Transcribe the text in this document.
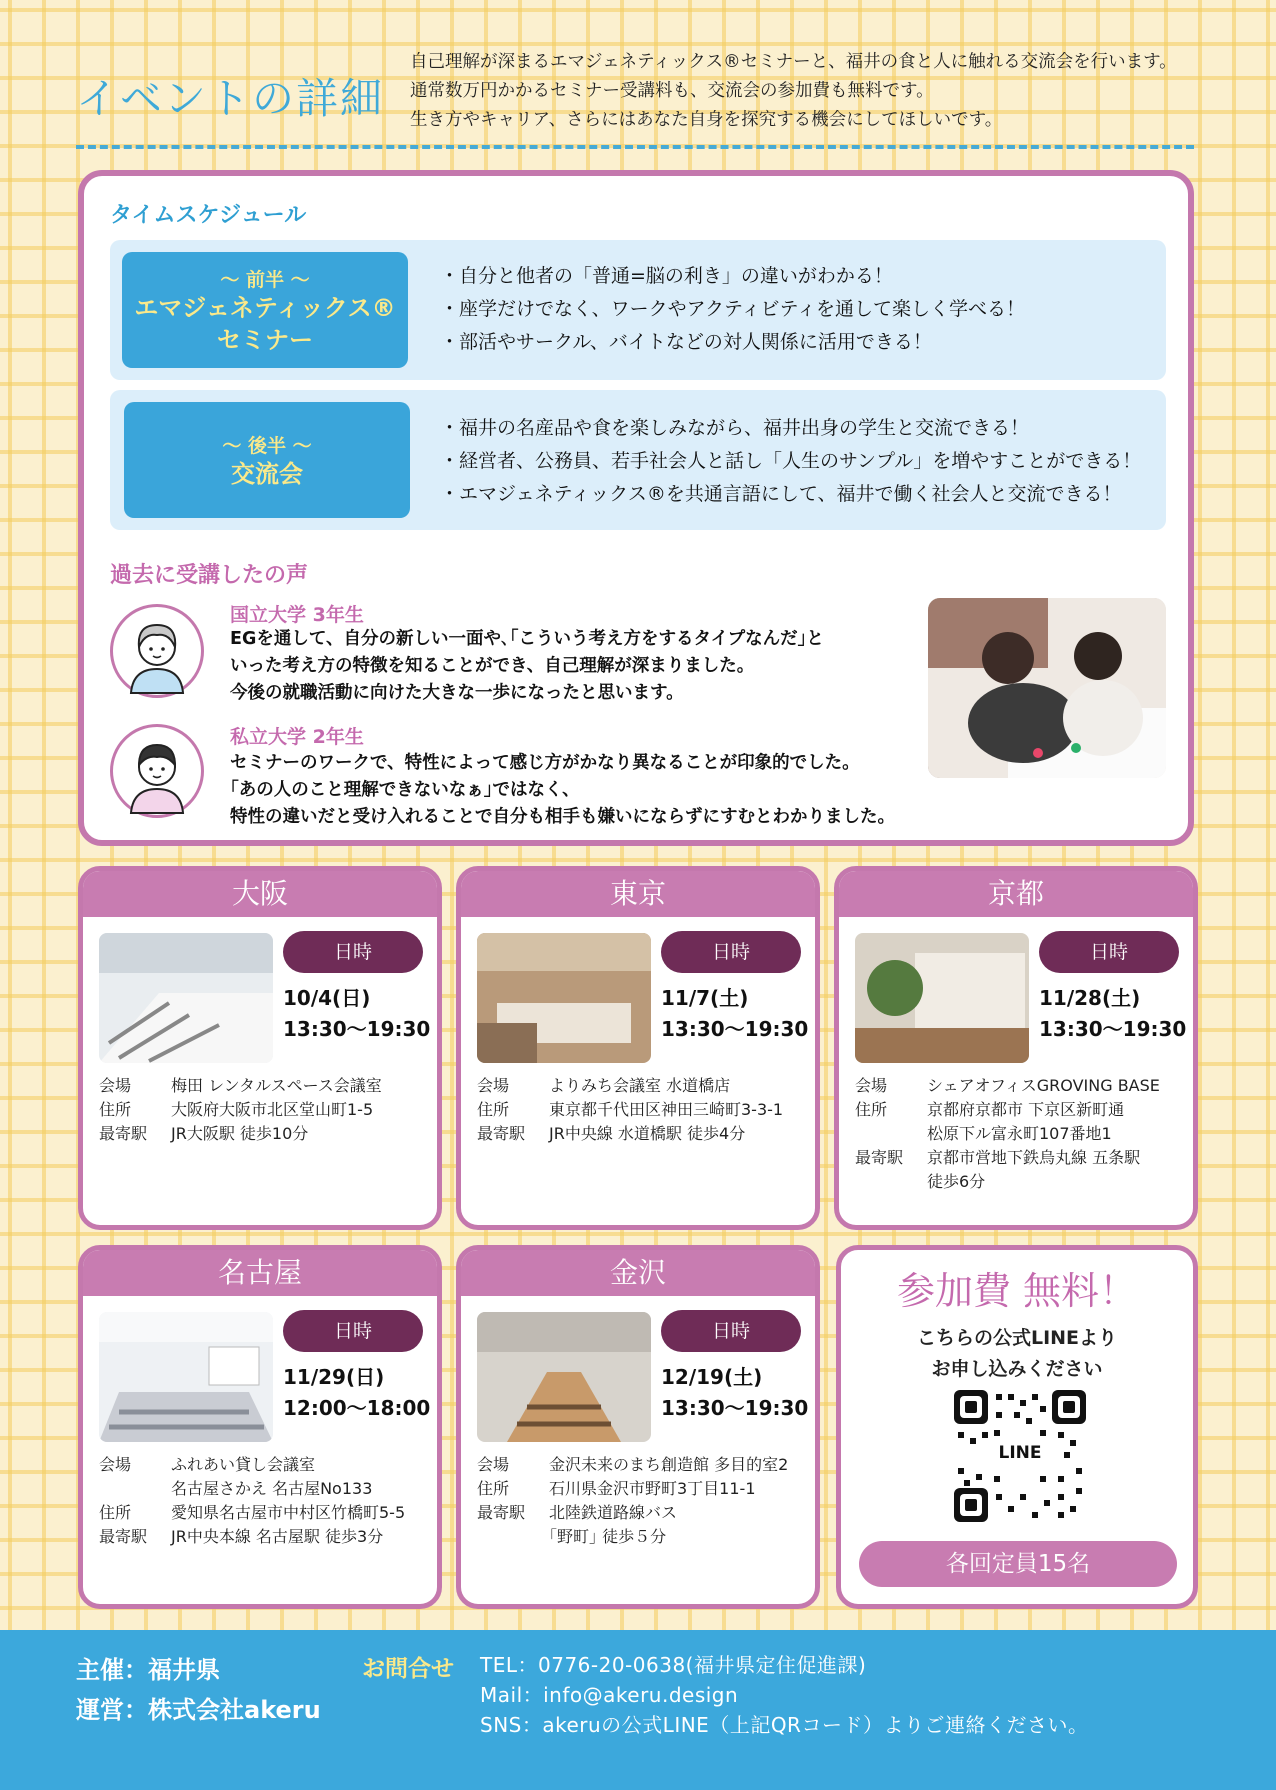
イベントの詳細
自己理解が深まるエマジェネティックス®セミナーと、福井の食と人に触れる交流会を行います。
通常数万円かかるセミナー受講料も、交流会の参加費も無料です。
生き方やキャリア、さらにはあなた自身を探究する機会にしてほしいです。
タイムスケジュール
～ 前半 ～
エマジェネティックス®
セミナー
・自分と他者の「普通=脳の利き」の違いがわかる！
・座学だけでなく、ワークやアクティビティを通して楽しく学べる！
・部活やサークル、バイトなどの対人関係に活用できる！
～ 後半 ～
交流会
・福井の名産品や食を楽しみながら、福井出身の学生と交流できる！
・経営者、公務員、若手社会人と話し「人生のサンプル」を増やすことができる！
・エマジェネティックス®を共通言語にして、福井で働く社会人と交流できる！
過去に受講したの声
国立大学 3年生
EGを通して、自分の新しい一面や､｢こういう考え方をするタイプなんだ｣と
いった考え方の特徴を知ることができ、自己理解が深まりました。
今後の就職活動に向けた大きな一歩になったと思います。
私立大学 2年生
セミナーのワークで、特性によって感じ方がかなり異なることが印象的でした。
｢あの人のこと理解できないなぁ｣ではなく、
特性の違いだと受け入れることで自分も相手も嫌いにならずにすむとわかりました。
大阪
日時
10/4(日)
13:30～19:30
会場 梅田 レンタルスペース会議室
住所 大阪府大阪市北区堂山町1-5
最寄駅 JR大阪駅 徒歩10分
東京
日時
11/7(土)
13:30～19:30
会場 よりみち会議室 水道橋店
住所 東京都千代田区神田三崎町3-3-1
最寄駅 JR中央線 水道橋駅 徒歩4分
京都
日時
11/28(土)
13:30～19:30
会場 シェアオフィスGROVING BASE
住所 京都府京都市 下京区新町通
松原下ル富永町107番地1
最寄駅 京都市営地下鉄烏丸線 五条駅
徒歩6分
名古屋
日時
11/29(日)
12:00～18:00
会場 ふれあい貸し会議室
名古屋さかえ 名古屋No133
住所 愛知県名古屋市中村区竹橋町5-5
最寄駅 JR中央本線 名古屋駅 徒歩3分
金沢
日時
12/19(土)
13:30～19:30
会場 金沢未来のまち創造館 多目的室2
住所 石川県金沢市野町3丁目11-1
最寄駅 北陸鉄道路線バス
｢野町｣ 徒歩５分
参加費 無料！
こちらの公式LINEより
お申し込みください
LINE
各回定員15名
主催：福井県
運営：株式会社akeru
お問合せ TEL：0776-20-0638(福井県定住促進課)
Mail：info@akeru.design
SNS：akeruの公式LINE（上記QRコード）よりご連絡ください。
